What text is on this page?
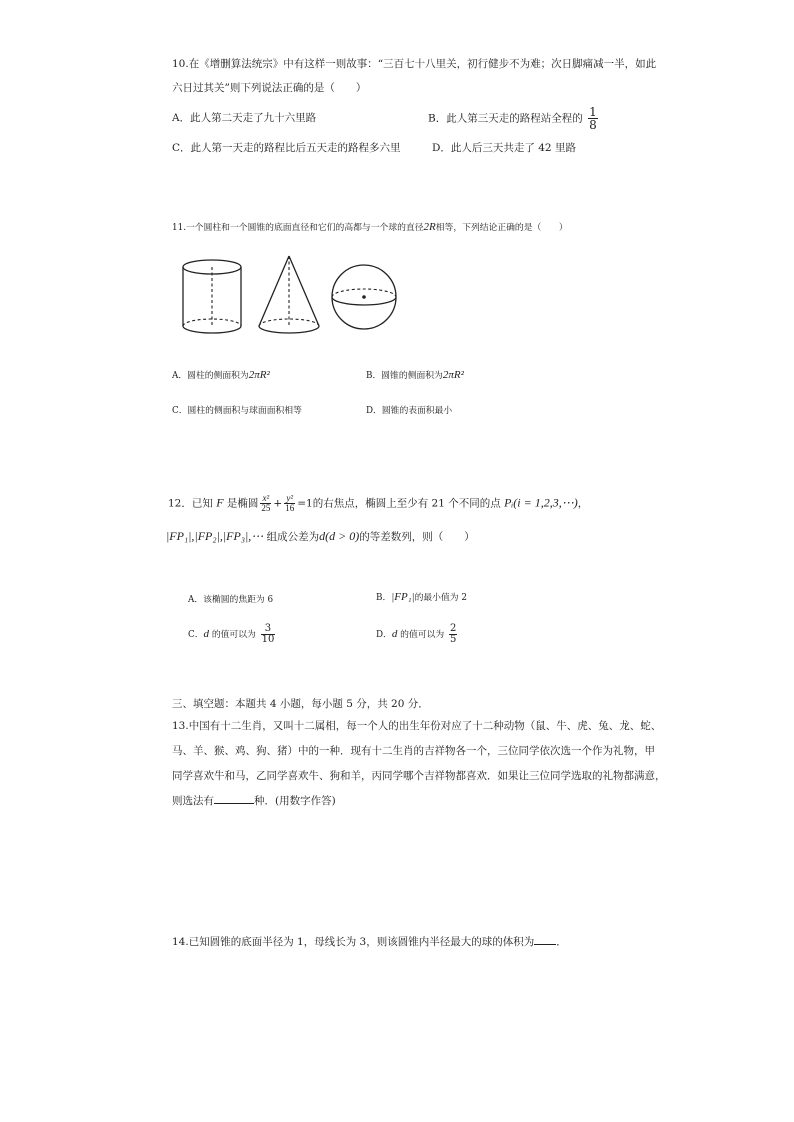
10.在《增删算法统宗》中有这样一则故事：“三百七十八里关，初行健步不为难；次日脚痛减一半，如此
六日过其关”则下列说法正确的是（　　）
A．此人第二天走了九十六里路	B．此人第三天走的路程站全程的 $\frac{1}{8}$
C．此人第一天走的路程比后五天走的路程多六里	D．此人后三天共走了 42 里路
11.一个圆柱和一个圆锥的底面直径和它们的高都与一个球的直径2R相等，下列结论正确的是（　　）
A．圆柱的侧面积为2πR²	B．圆锥的侧面积为2πR²
C．圆柱的侧面积与球面面积相等	D．圆锥的表面积最小
12．已知 F 是椭圆 $\frac{\text{x²}}{25} + \frac{\text{y²}}{16} =1$的右焦点，椭圆上至少有 21 个不同的点 Pᵢ(i = 1,2,3,⋯)，
|FP₁|,|FP₂|,|FP₃|,⋯ 组成公差为d(d > 0)的等差数列，则（　　）
A．该椭圆的焦距为 6	B．|FP₁|的最小值为 2
C．d 的值可以为 $\frac{3}{10}$	D．d 的值可以为 $\frac{2}{5}$
三、填空题：本题共 4 小题，每小题 5 分，共 20 分．
13.中国有十二生肖，又叫十二属相，每一个人的出生年份对应了十二种动物（鼠、牛、虎、兔、龙、蛇、
马、羊、猴、鸡、狗、猪）中的一种．现有十二生肖的吉祥物各一个，三位同学依次选一个作为礼物，甲
同学喜欢牛和马，乙同学喜欢牛、狗和羊，丙同学哪个吉祥物都喜欢．如果让三位同学选取的礼物都满意，
则选法有	种．(用数字作答)
14.已知圆锥的底面半径为 1，母线长为 3，则该圆锥内半径最大的球的体积为 ．
